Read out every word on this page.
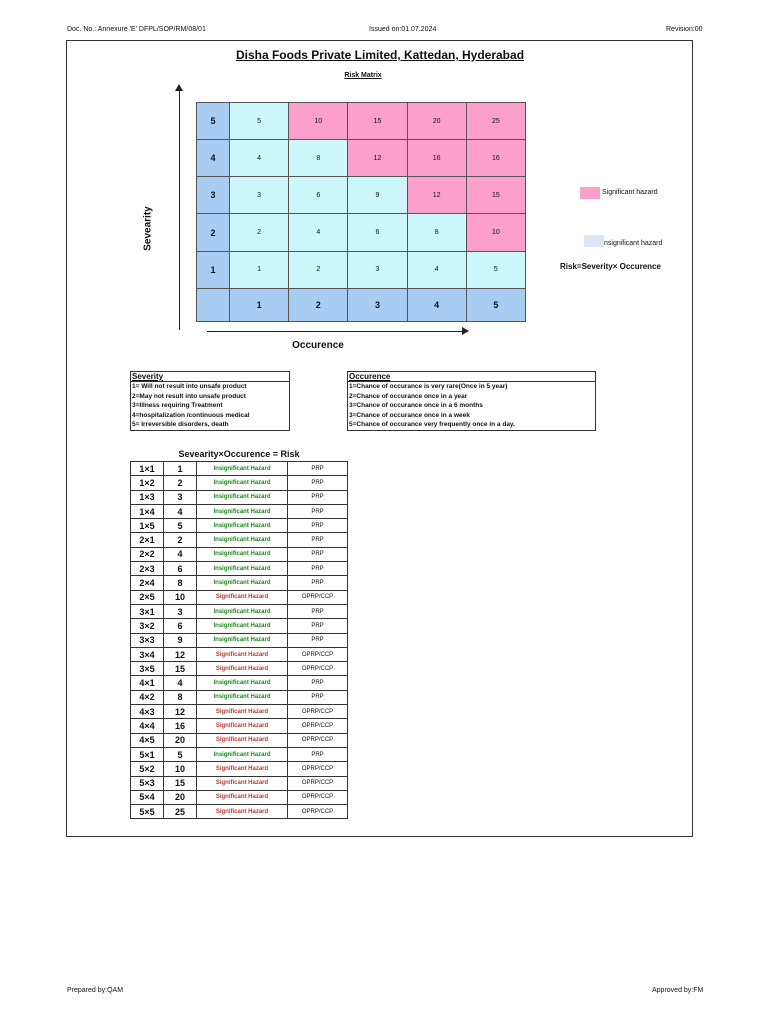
Doc. No.: Annexure 'E' DFPL/SOP/RM/08/01	Issued on:01.07.2024	Revision:00
Disha Foods Private Limited, Kattedan, Hyderabad
Risk Matrix
Sevearity
Occurence
5	5	10	15	20	25
4	4	8	12	16	16
3	3	6	9	12	15
2	2	4	6	8	10
1	1	2	3	4	5
	1	2	3	4	5
Significant hazard
nsignificant hazard
Risk=Severity× Occurence
Severity
1= Will not result into unsafe product
2=May not result into unsafe product
3=Illness requiring Treatment
4=hospitalization /continuous medical
5= Irreversible disorders, death
Occurence
1=Chance of occurance is very rare(Once in 5 year)
2=Chance of occurance once in a year
3=Chance of occurance once in a 6 months
3=Chance of occurance once in a week
5=Chance of occurance very frequently once in a day.
Sevearity×Occurence = Risk
1×1	1	Insignificant Hazard	PRP
1×2	2	Insignificant Hazard	PRP
1×3	3	Insignificant Hazard	PRP
1×4	4	Insignificant Hazard	PRP
1×5	5	Insignificant Hazard	PRP
2×1	2	Insignificant Hazard	PRP
2×2	4	Insignificant Hazard	PRP
2×3	6	Insignificant Hazard	PRP
2×4	8	Insignificant Hazard	PRP
2×5	10	Significant Hazard	OPRP/CCP
3×1	3	Insignificant Hazard	PRP
3×2	6	Insignificant Hazard	PRP
3×3	9	Insignificant Hazard	PRP
3×4	12	Significant Hazard	OPRP/CCP
3×5	15	Significant Hazard	OPRP/CCP
4×1	4	Insignificant Hazard	PRP
4×2	8	Insignificant Hazard	PRP
4×3	12	Significant Hazard	OPRP/CCP
4×4	16	Significant Hazard	OPRP/CCP
4×5	20	Significant Hazard	OPRP/CCP
5×1	5	Insignificant Hazard	PRP
5×2	10	Significant Hazard	OPRP/CCP
5×3	15	Significant Hazard	OPRP/CCP
5×4	20	Significant Hazard	OPRP/CCP
5×5	25	Significant Hazard	OPRP/CCP
Prepared by:QAM	Approved by:FM
